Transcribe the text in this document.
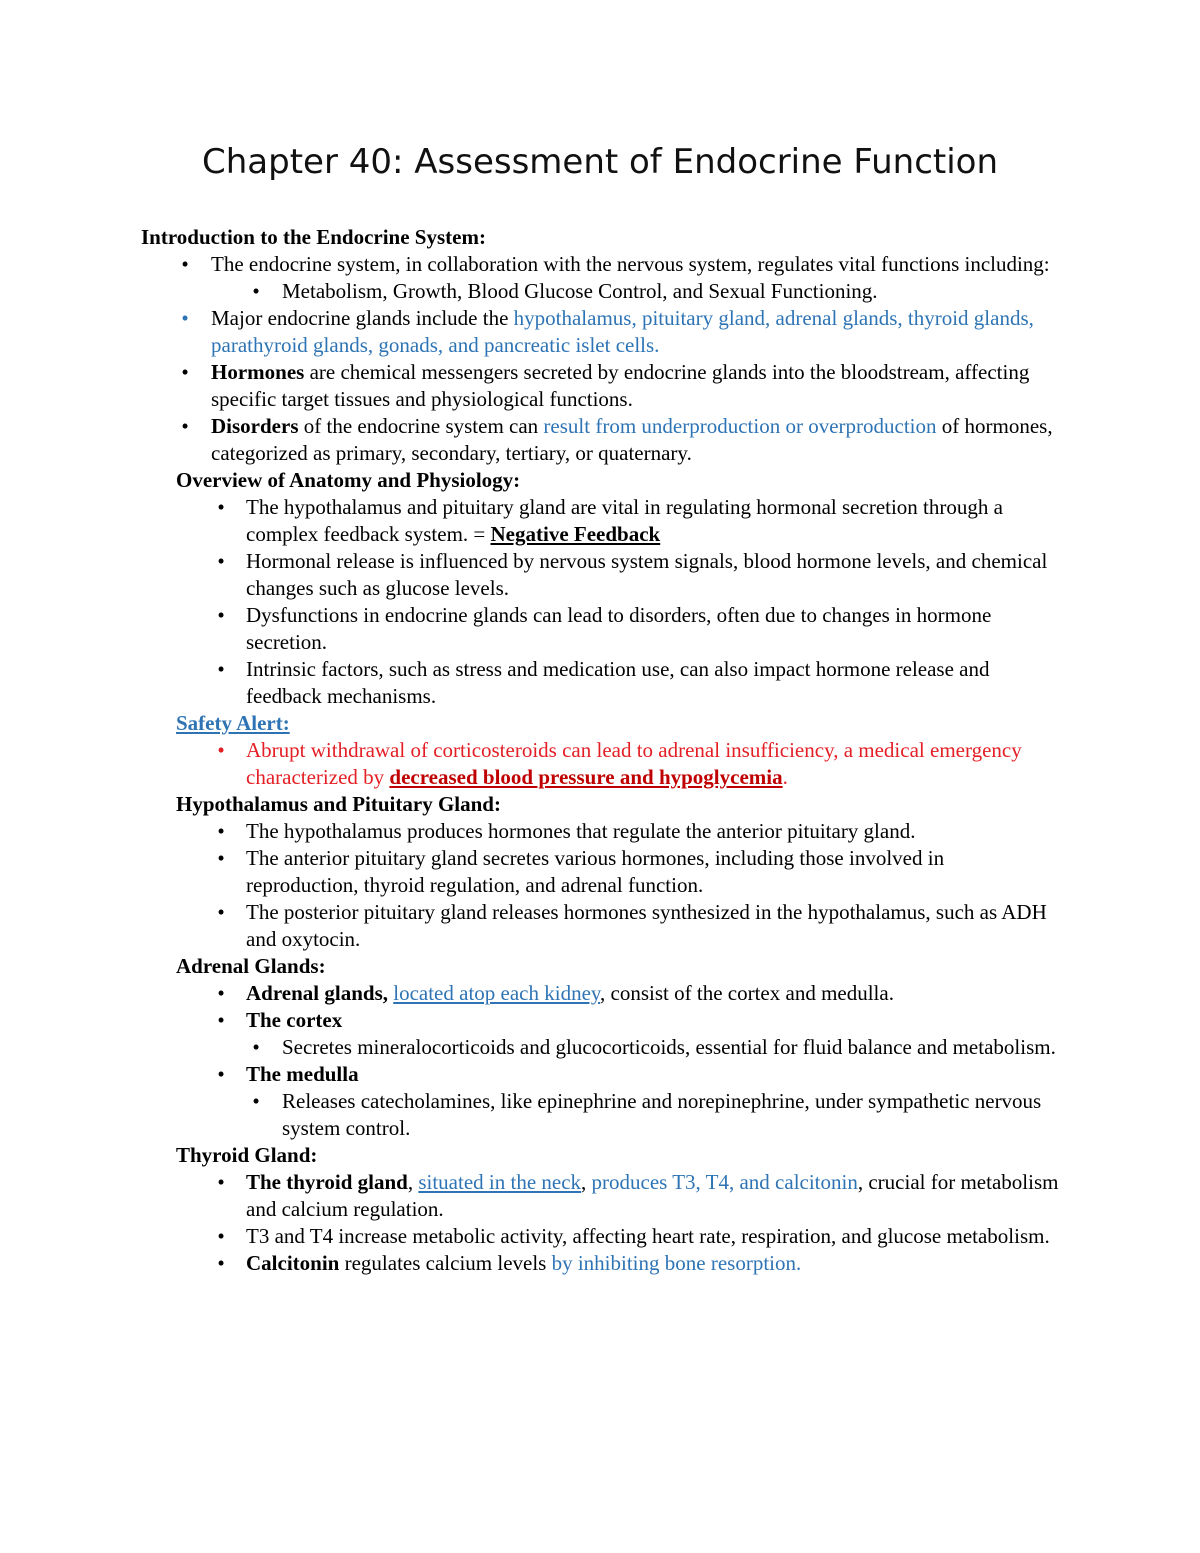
Chapter 40: Assessment of Endocrine Function

Introduction to the Endocrine System:

•	The endocrine system, in collaboration with the nervous system, regulates vital functions including:
•	Metabolism, Growth, Blood Glucose Control, and Sexual Functioning.
•	Major endocrine glands include the hypothalamus, pituitary gland, adrenal glands, thyroid glands, parathyroid glands, gonads, and pancreatic islet cells.
•	Hormones are chemical messengers secreted by endocrine glands into the bloodstream, affecting specific target tissues and physiological functions.
•	Disorders of the endocrine system can result from underproduction or overproduction of hormones, categorized as primary, secondary, tertiary, or quaternary.

Overview of Anatomy and Physiology:

•	The hypothalamus and pituitary gland are vital in regulating hormonal secretion through a complex feedback system. = Negative Feedback
•	Hormonal release is influenced by nervous system signals, blood hormone levels, and chemical changes such as glucose levels.
•	Dysfunctions in endocrine glands can lead to disorders, often due to changes in hormone secretion.
•	Intrinsic factors, such as stress and medication use, can also impact hormone release and feedback mechanisms.

Safety Alert:

•	Abrupt withdrawal of corticosteroids can lead to adrenal insufficiency, a medical emergency characterized by decreased blood pressure and hypoglycemia.

Hypothalamus and Pituitary Gland:

•	The hypothalamus produces hormones that regulate the anterior pituitary gland.
•	The anterior pituitary gland secretes various hormones, including those involved in reproduction, thyroid regulation, and adrenal function.
•	The posterior pituitary gland releases hormones synthesized in the hypothalamus, such as ADH and oxytocin.

Adrenal Glands:

•	Adrenal glands, located atop each kidney, consist of the cortex and medulla.
•	The cortex
•	Secretes mineralocorticoids and glucocorticoids, essential for fluid balance and metabolism.
•	The medulla
•	Releases catecholamines, like epinephrine and norepinephrine, under sympathetic nervous system control.

Thyroid Gland:

•	The thyroid gland, situated in the neck, produces T3, T4, and calcitonin, crucial for metabolism and calcium regulation.
•	T3 and T4 increase metabolic activity, affecting heart rate, respiration, and glucose metabolism.
•	Calcitonin regulates calcium levels by inhibiting bone resorption.
